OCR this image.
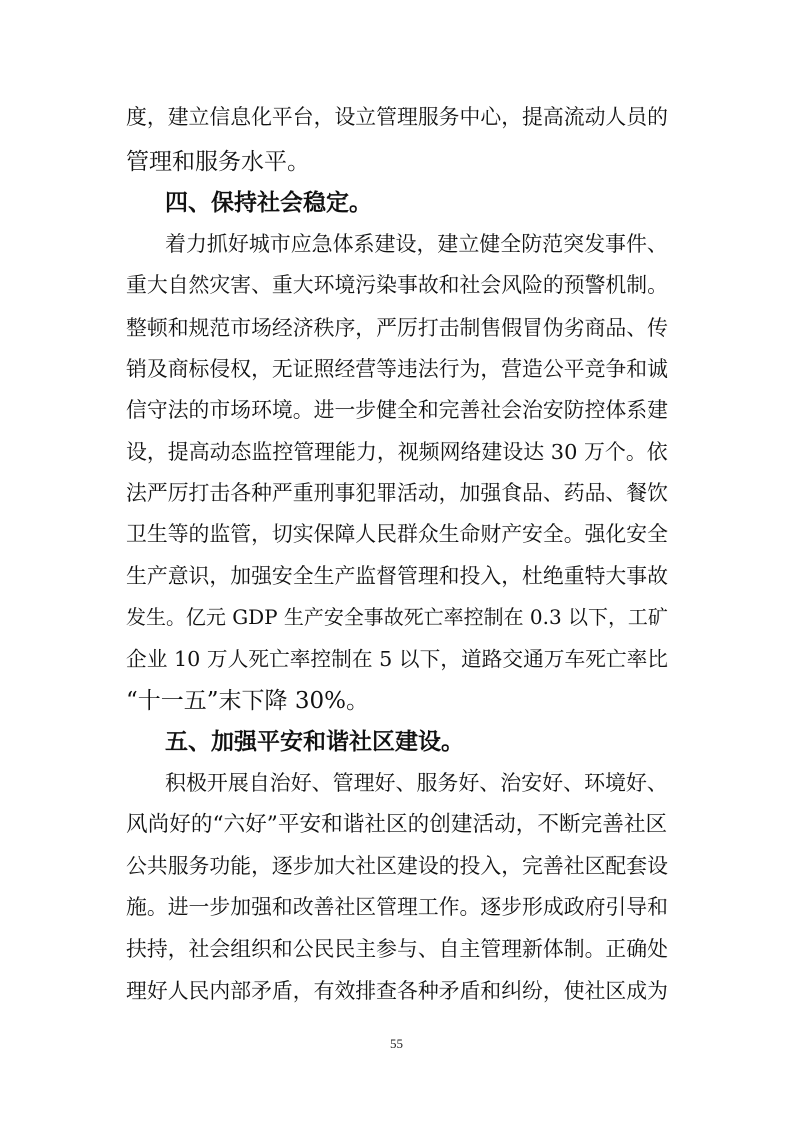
度，建立信息化平台，设立管理服务中心，提高流动人员的
管理和服务水平。
四、保持社会稳定。
着力抓好城市应急体系建设，建立健全防范突发事件、
重大自然灾害、重大环境污染事故和社会风险的预警机制。
整顿和规范市场经济秩序，严厉打击制售假冒伪劣商品、传
销及商标侵权，无证照经营等违法行为，营造公平竞争和诚
信守法的市场环境。进一步健全和完善社会治安防控体系建
设，提高动态监控管理能力，视频网络建设达 30 万个。依
法严厉打击各种严重刑事犯罪活动，加强食品、药品、餐饮
卫生等的监管，切实保障人民群众生命财产安全。强化安全
生产意识，加强安全生产监督管理和投入，杜绝重特大事故
发生。亿元 GDP 生产安全事故死亡率控制在 0.3 以下，工矿
企业 10 万人死亡率控制在 5 以下，道路交通万车死亡率比
“十一五”末下降 30%。
五、加强平安和谐社区建设。
积极开展自治好、管理好、服务好、治安好、环境好、
风尚好的“六好”平安和谐社区的创建活动，不断完善社区
公共服务功能，逐步加大社区建设的投入，完善社区配套设
施。进一步加强和改善社区管理工作。逐步形成政府引导和
扶持，社会组织和公民民主参与、自主管理新体制。正确处
理好人民内部矛盾，有效排查各种矛盾和纠纷，使社区成为
55
